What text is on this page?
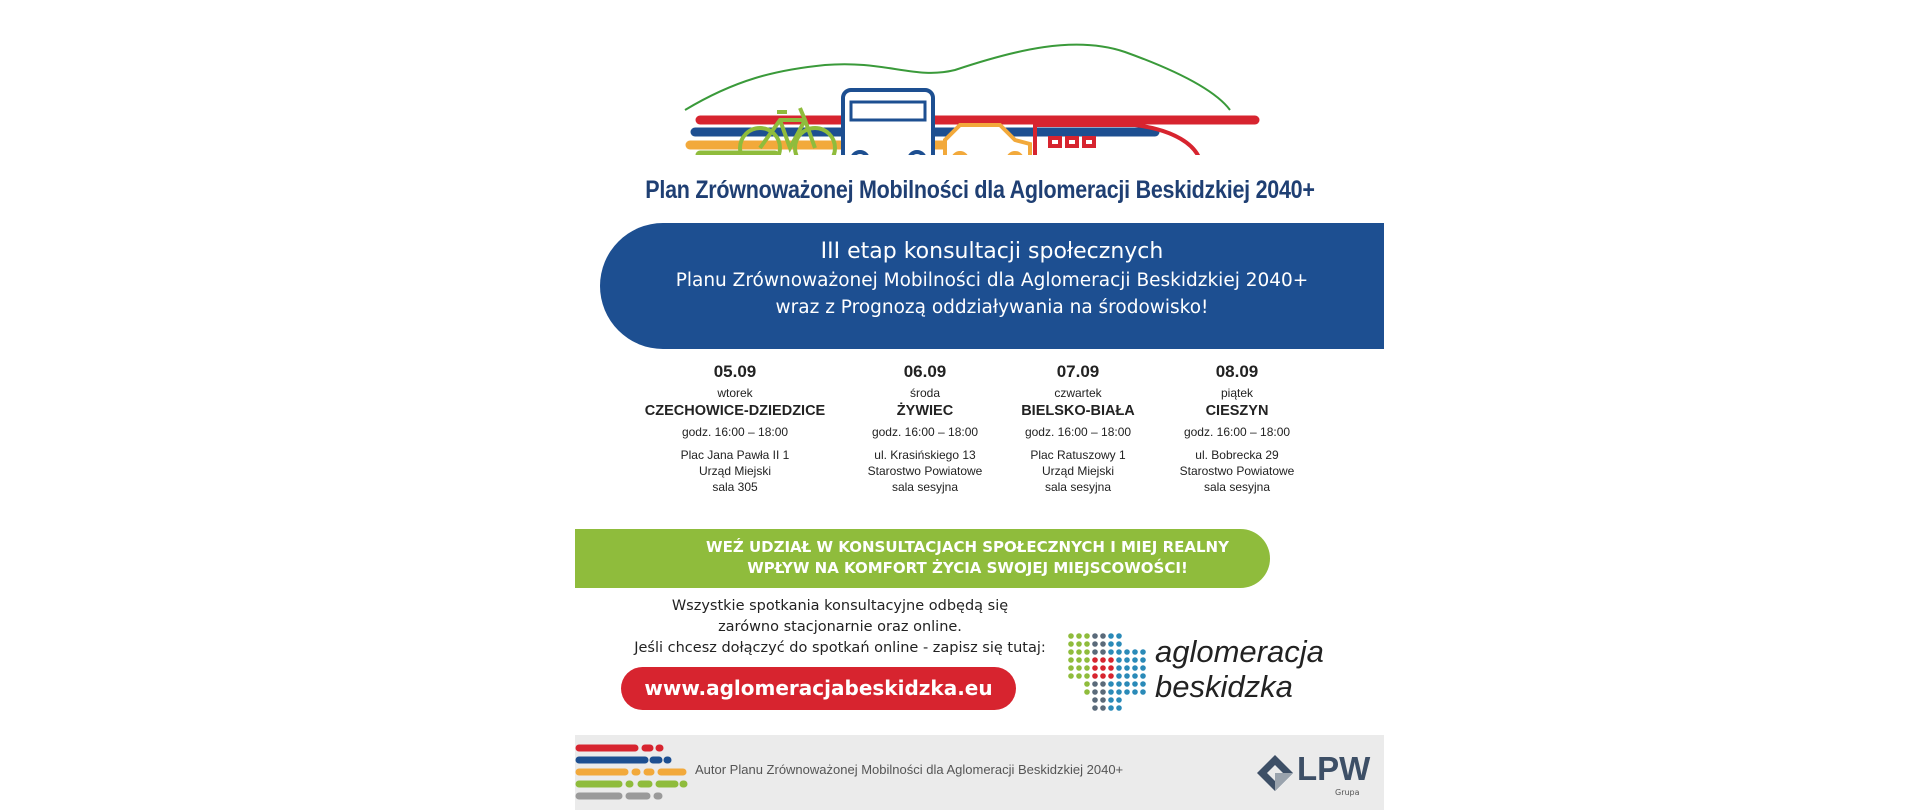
Plan Zrównoważonej Mobilności dla Aglomeracji Beskidzkiej 2040+
III etap konsultacji społecznych
Planu Zrównoważonej Mobilności dla Aglomeracji Beskidzkiej 2040+
wraz z Prognozą oddziaływania na środowisko!
05.09
wtorek
CZECHOWICE-DZIEDZICE
godz. 16:00 – 18:00
Plac Jana Pawła II 1
Urząd Miejski
sala 305
06.09
środa
ŻYWIEC
godz. 16:00 – 18:00
ul. Krasińskiego 13
Starostwo Powiatowe
sala sesyjna
07.09
czwartek
BIELSKO-BIAŁA
godz. 16:00 – 18:00
Plac Ratuszowy 1
Urząd Miejski
sala sesyjna
08.09
piątek
CIESZYN
godz. 16:00 – 18:00
ul. Bobrecka 29
Starostwo Powiatowe
sala sesyjna
WEŹ UDZIAŁ W KONSULTACJACH SPOŁECZNYCH I MIEJ REALNY
WPŁYW NA KOMFORT ŻYCIA SWOJEJ MIEJSCOWOŚCI!
Wszystkie spotkania konsultacyjne odbędą się
zarówno stacjonarnie oraz online.
Jeśli chcesz dołączyć do spotkań online - zapisz się tutaj:
www.aglomeracjabeskidzka.eu
aglomeracja
beskidzka
Autor Planu Zrównoważonej Mobilności dla Aglomeracji Beskidzkiej 2040+	LPW
Grupa
